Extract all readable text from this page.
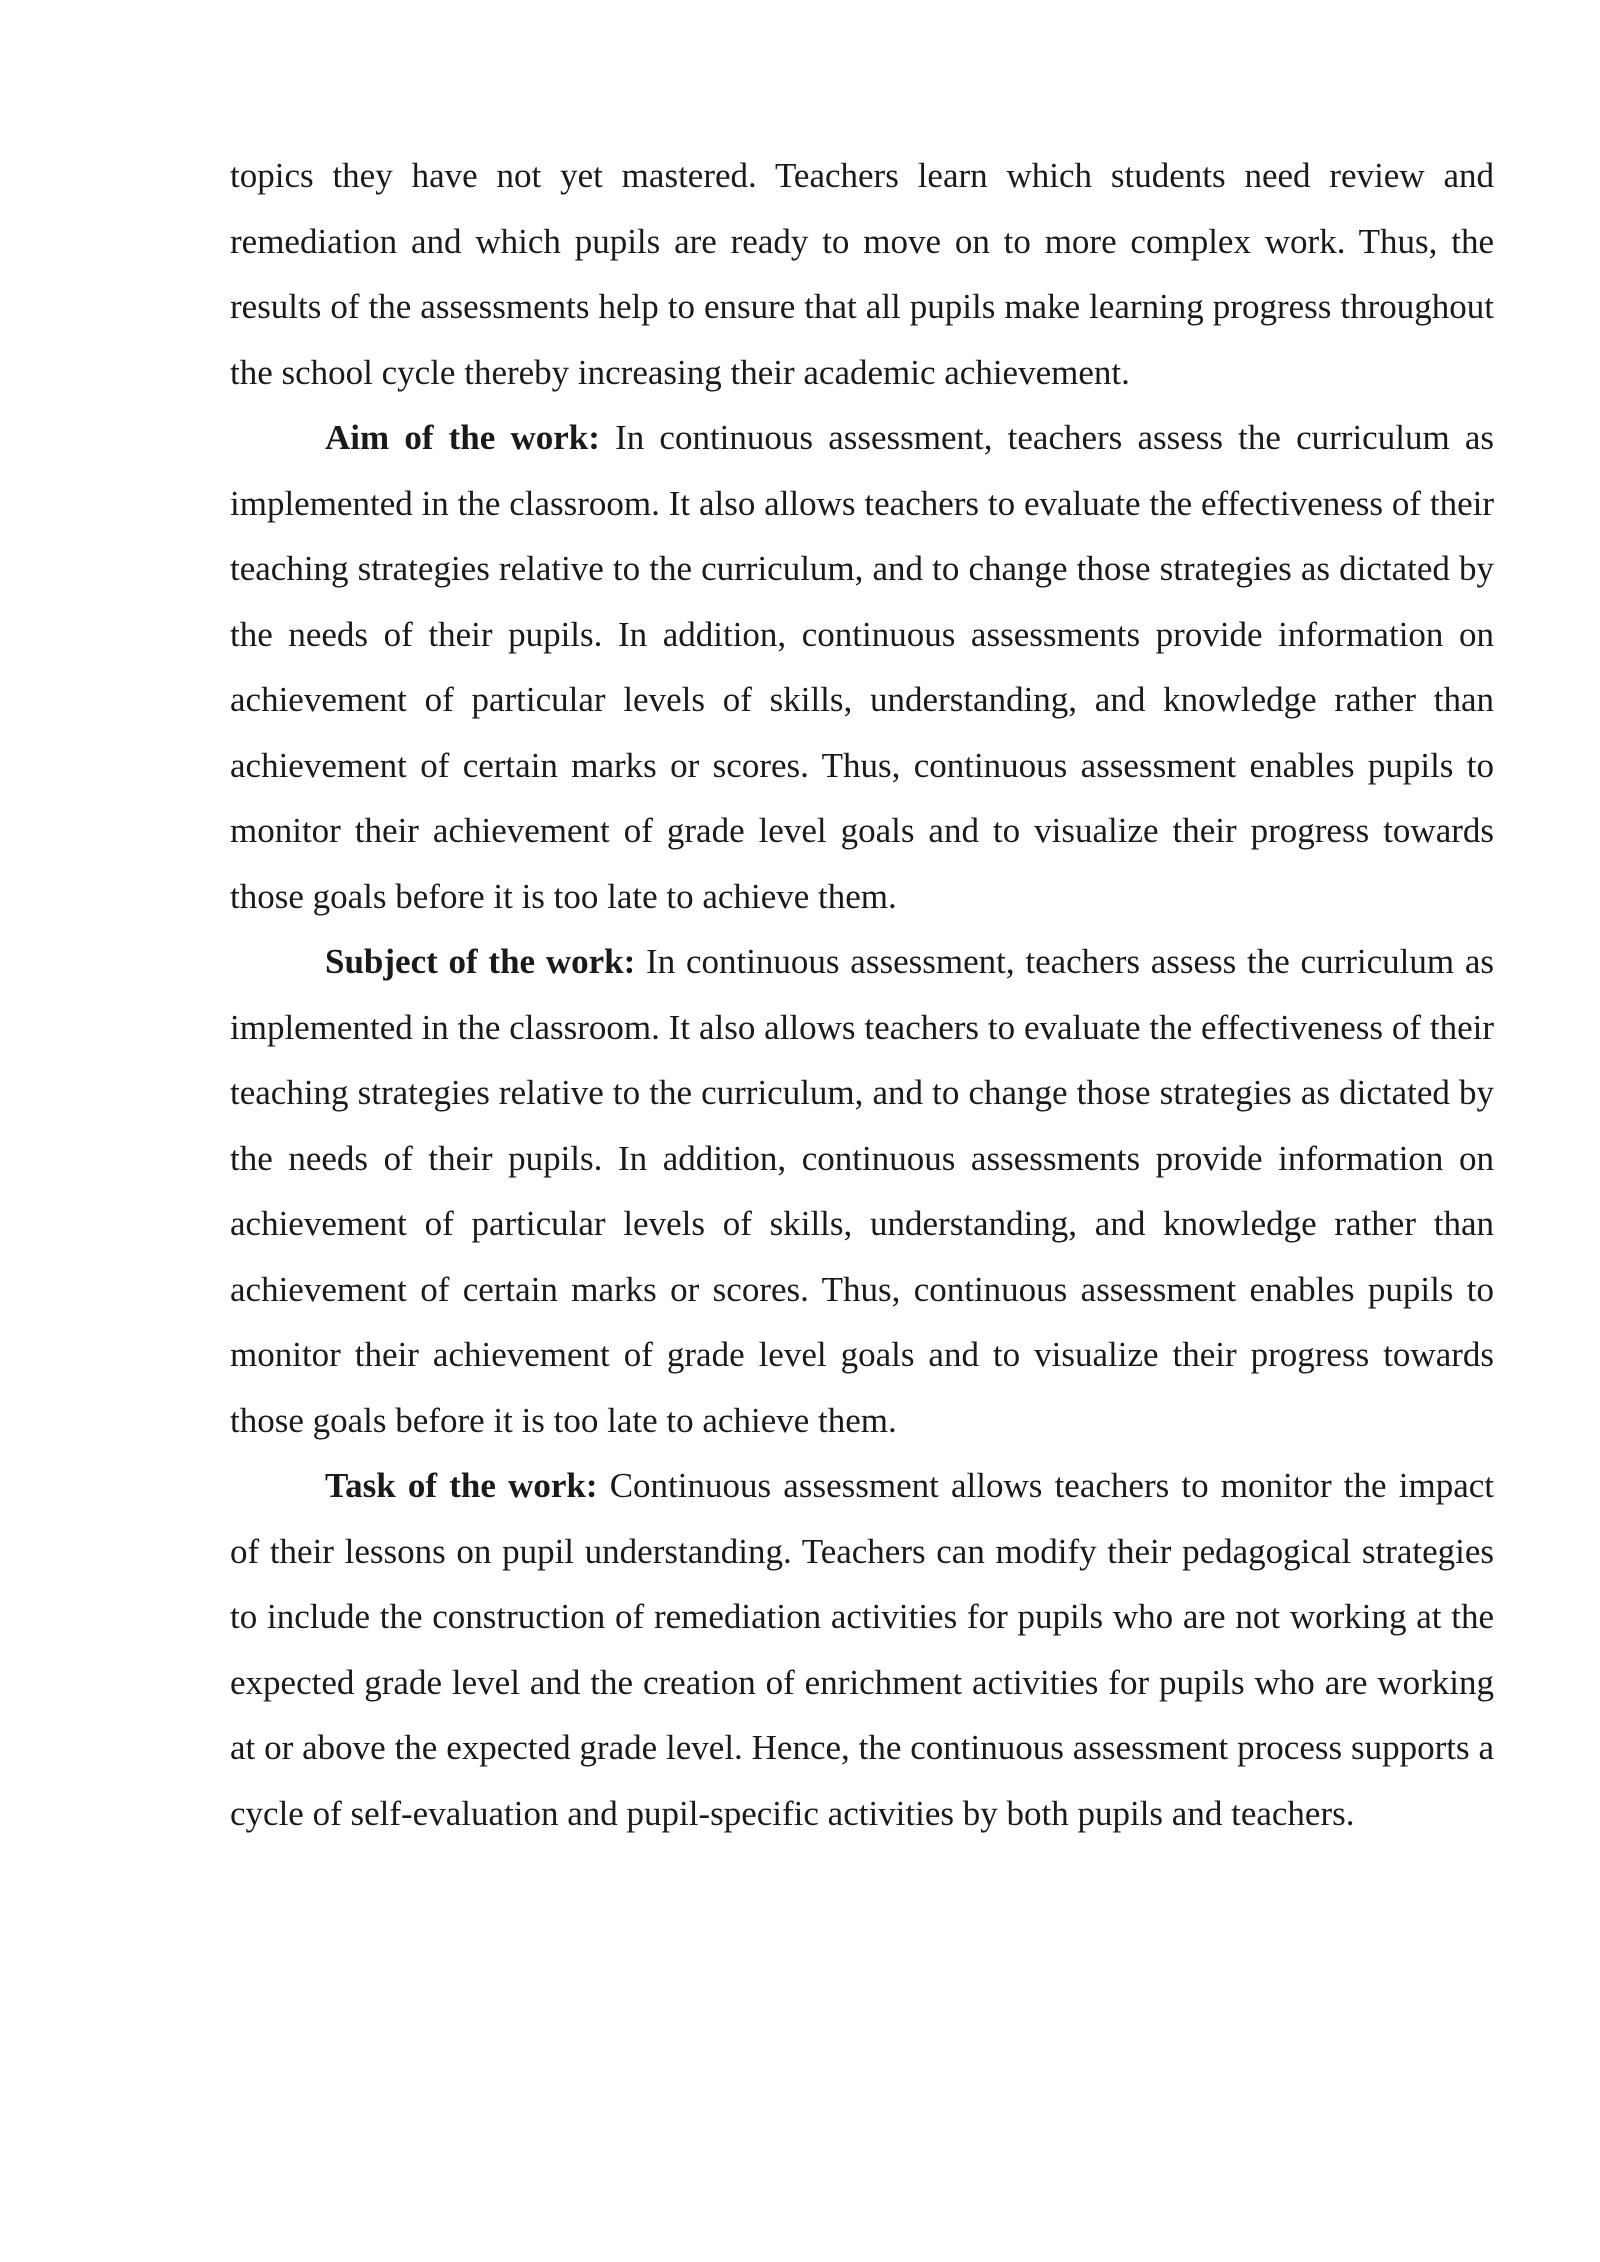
topics they have not yet mastered. Teachers learn which students need review and remediation and which pupils are ready to move on to more complex work. Thus, the results of the assessments help to ensure that all pupils make learning progress throughout the school cycle thereby increasing their academic achievement.

Aim of the work: In continuous assessment, teachers assess the curriculum as implemented in the classroom. It also allows teachers to evaluate the effectiveness of their teaching strategies relative to the curriculum, and to change those strategies as dictated by the needs of their pupils. In addition, continuous assessments provide information on achievement of particular levels of skills, understanding, and knowledge rather than achievement of certain marks or scores. Thus, continuous assessment enables pupils to monitor their achievement of grade level goals and to visualize their progress towards those goals before it is too late to achieve them.

Subject of the work: In continuous assessment, teachers assess the curriculum as implemented in the classroom. It also allows teachers to evaluate the effectiveness of their teaching strategies relative to the curriculum, and to change those strategies as dictated by the needs of their pupils. In addition, continuous assessments provide information on achievement of particular levels of skills, understanding, and knowledge rather than achievement of certain marks or scores. Thus, continuous assessment enables pupils to monitor their achievement of grade level goals and to visualize their progress towards those goals before it is too late to achieve them.

Task of the work: Continuous assessment allows teachers to monitor the impact of their lessons on pupil understanding. Teachers can modify their pedagogical strategies to include the construction of remediation activities for pupils who are not working at the expected grade level and the creation of enrichment activities for pupils who are working at or above the expected grade level. Hence, the continuous assessment process supports a cycle of self-evaluation and pupil-specific activities by both pupils and teachers.
